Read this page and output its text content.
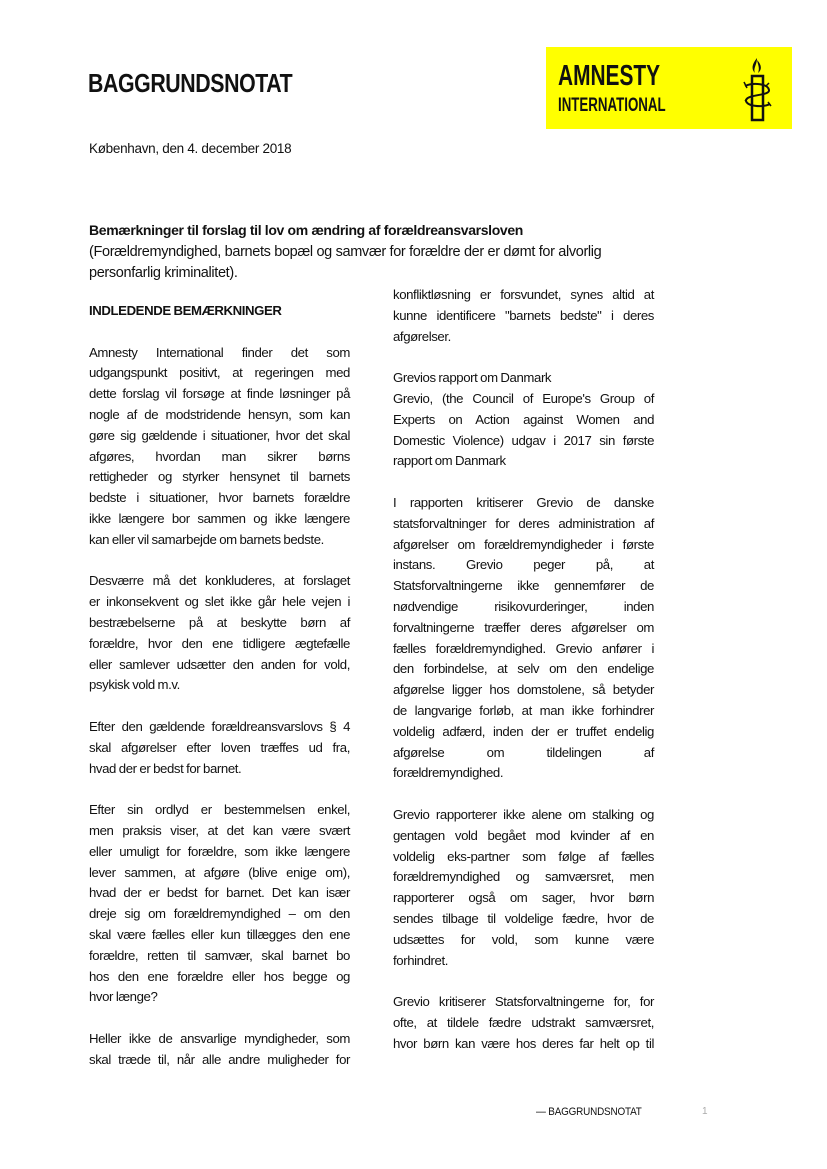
BAGGRUNDSNOTAT	AMNESTY
INTERNATIONAL
København, den 4. december 2018
Bemærkninger til forslag til lov om ændring af forældreansvarsloven
(Forældremyndighed, barnets bopæl og samvær for forældre der er dømt for alvorlig
personfarlig kriminalitet).
INDLEDENDE BEMÆRKNINGER
Amnesty International finder det som
udgangspunkt positivt, at regeringen med
dette forslag vil forsøge at finde løsninger på
nogle af de modstridende hensyn, som kan
gøre sig gældende i situationer, hvor det skal
afgøres, hvordan man sikrer børns
rettigheder og styrker hensynet til barnets
bedste i situationer, hvor barnets forældre
ikke længere bor sammen og ikke længere
kan eller vil samarbejde om barnets bedste.
Desværre må det konkluderes, at forslaget
er inkonsekvent og slet ikke går hele vejen i
bestræbelserne på at beskytte børn af
forældre, hvor den ene tidligere ægtefælle
eller samlever udsætter den anden for vold,
psykisk vold m.v.
Efter den gældende forældreansvarslovs § 4
skal afgørelser efter loven træffes ud fra,
hvad der er bedst for barnet.
Efter sin ordlyd er bestemmelsen enkel,
men praksis viser, at det kan være svært
eller umuligt for forældre, som ikke længere
lever sammen, at afgøre (blive enige om),
hvad der er bedst for barnet. Det kan især
dreje sig om forældremyndighed – om den
skal være fælles eller kun tillægges den ene
forældre, retten til samvær, skal barnet bo
hos den ene forældre eller hos begge og
hvor længe?
Heller ikke de ansvarlige myndigheder, som
skal træde til, når alle andre muligheder for
konfliktløsning er forsvundet, synes altid at
kunne identificere "barnets bedste" i deres
afgørelser.
Grevios rapport om Danmark
Grevio, (the Council of Europe's Group of
Experts on Action against Women and
Domestic Violence) udgav i 2017 sin første
rapport om Danmark
I rapporten kritiserer Grevio de danske
statsforvaltninger for deres administration af
afgørelser om forældremyndigheder i første
instans. Grevio peger på, at
Statsforvaltningerne ikke gennemfører de
nødvendige risikovurderinger, inden
forvaltningerne træffer deres afgørelser om
fælles forældremyndighed. Grevio anfører i
den forbindelse, at selv om den endelige
afgørelse ligger hos domstolene, så betyder
de langvarige forløb, at man ikke forhindrer
voldelig adfærd, inden der er truffet endelig
afgørelse om tildelingen af
forældremyndighed.
Grevio rapporterer ikke alene om stalking og
gentagen vold begået mod kvinder af en
voldelig eks-partner som følge af fælles
forældremyndighed og samværsret, men
rapporterer også om sager, hvor børn
sendes tilbage til voldelige fædre, hvor de
udsættes for vold, som kunne være
forhindret.
Grevio kritiserer Statsforvaltningerne for, for
ofte, at tildele fædre udstrakt samværsret,
hvor børn kan være hos deres far helt op til
— BAGGRUNDSNOTAT	1
